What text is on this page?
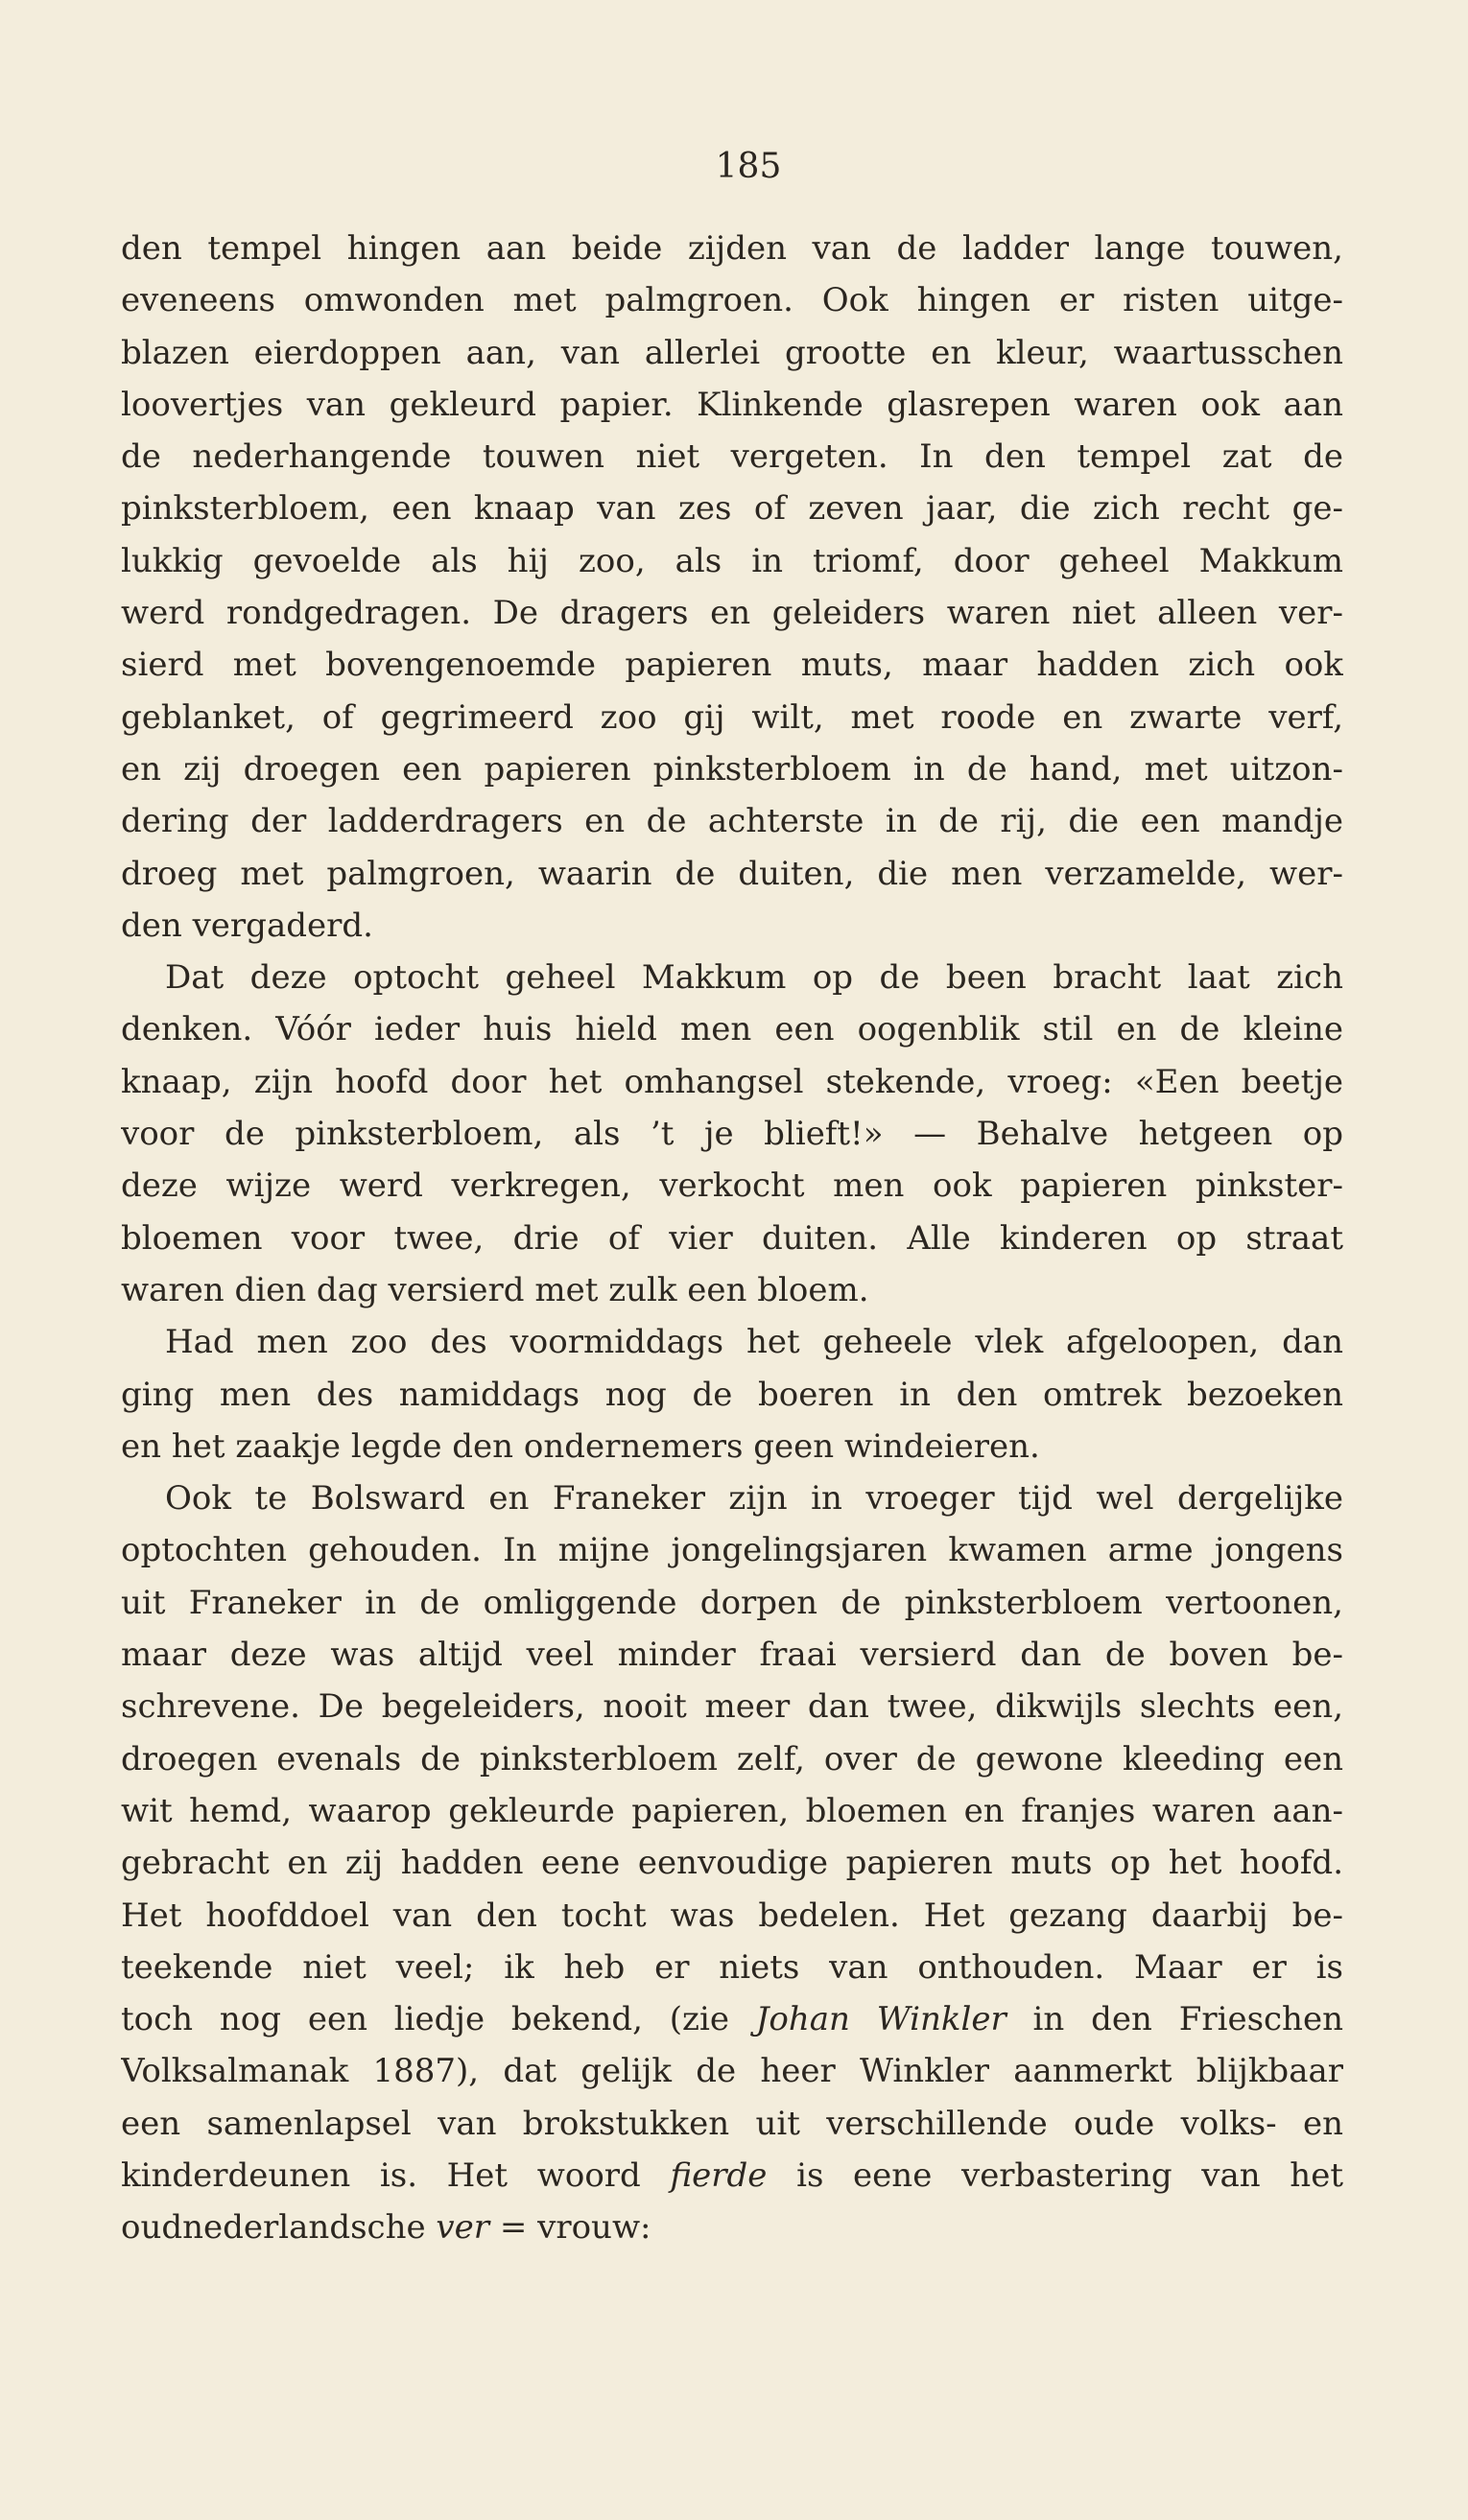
185
den tempel hingen aan beide zijden van de ladder lange touwen,
eveneens omwonden met palmgroen. Ook hingen er risten uitge-
blazen eierdoppen aan, van allerlei grootte en kleur, waartusschen
loovertjes van gekleurd papier. Klinkende glasrepen waren ook aan
de nederhangende touwen niet vergeten. In den tempel zat de
pinksterbloem, een knaap van zes of zeven jaar, die zich recht ge-
lukkig gevoelde als hij zoo, als in triomf, door geheel Makkum
werd rondgedragen. De dragers en geleiders waren niet alleen ver-
sierd met bovengenoemde papieren muts, maar hadden zich ook
geblanket, of gegrimeerd zoo gij wilt, met roode en zwarte verf,
en zij droegen een papieren pinksterbloem in de hand, met uitzon-
dering der ladderdragers en de achterste in de rij, die een mandje
droeg met palmgroen, waarin de duiten, die men verzamelde, wer-
den vergaderd.
Dat deze optocht geheel Makkum op de been bracht laat zich
denken. Vóór ieder huis hield men een oogenblik stil en de kleine
knaap, zijn hoofd door het omhangsel stekende, vroeg: «Een beetje
voor de pinksterbloem, als ’t je blieft!» — Behalve hetgeen op
deze wijze werd verkregen, verkocht men ook papieren pinkster-
bloemen voor twee, drie of vier duiten. Alle kinderen op straat
waren dien dag versierd met zulk een bloem.
Had men zoo des voormiddags het geheele vlek afgeloopen, dan
ging men des namiddags nog de boeren in den omtrek bezoeken
en het zaakje legde den ondernemers geen windeieren.
Ook te Bolsward en Franeker zijn in vroeger tijd wel dergelijke
optochten gehouden. In mijne jongelingsjaren kwamen arme jongens
uit Franeker in de omliggende dorpen de pinksterbloem vertoonen,
maar deze was altijd veel minder fraai versierd dan de boven be-
schrevene. De begeleiders, nooit meer dan twee, dikwijls slechts een,
droegen evenals de pinksterbloem zelf, over de gewone kleeding een
wit hemd, waarop gekleurde papieren, bloemen en franjes waren aan-
gebracht en zij hadden eene eenvoudige papieren muts op het hoofd.
Het hoofddoel van den tocht was bedelen. Het gezang daarbij be-
teekende niet veel; ik heb er niets van onthouden. Maar er is
toch nog een liedje bekend, (zie Johan Winkler in den Frieschen
Volksalmanak 1887), dat gelijk de heer Winkler aanmerkt blijkbaar
een samenlapsel van brokstukken uit verschillende oude volks- en
kinderdeunen is. Het woord fierde is eene verbastering van het
oudnederlandsche ver = vrouw:
